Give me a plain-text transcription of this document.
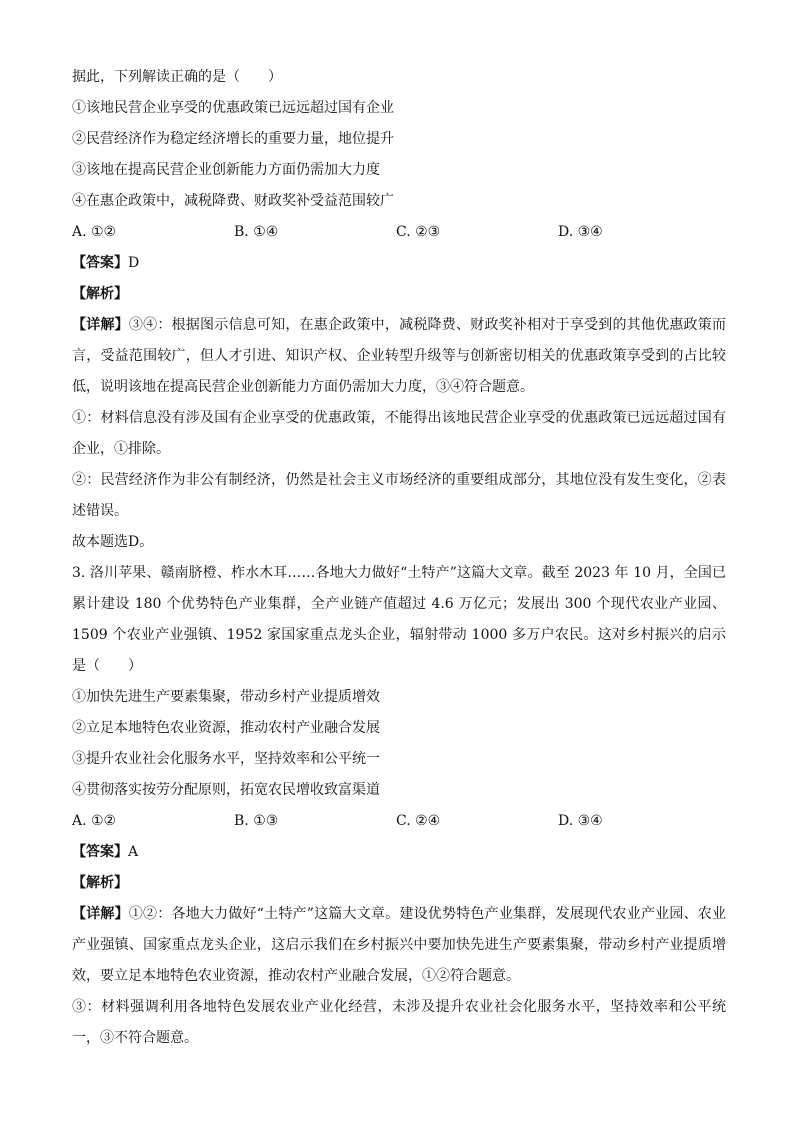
据此，下列解读正确的是（　　）

①该地民营企业享受的优惠政策已远远超过国有企业

②民营经济作为稳定经济增长的重要力量，地位提升

③该地在提高民营企业创新能力方面仍需加大力度

④在惠企政策中，减税降费、财政奖补受益范围较广

A. ①②	B. ①④	C. ②③	D. ③④

【答案】D

【解析】

【详解】③④：根据图示信息可知，在惠企政策中，减税降费、财政奖补相对于享受到的其他优惠政策而言，受益范围较广，但人才引进、知识产权、企业转型升级等与创新密切相关的优惠政策享受到的占比较低，说明该地在提高民营企业创新能力方面仍需加大力度，③④符合题意。

①：材料信息没有涉及国有企业享受的优惠政策，不能得出该地民营企业享受的优惠政策已远远超过国有企业，①排除。

②：民营经济作为非公有制经济，仍然是社会主义市场经济的重要组成部分，其地位没有发生变化，②表述错误。

故本题选D。

3. 洛川苹果、赣南脐橙、柞水木耳……各地大力做好“土特产”这篇大文章。截至 2023 年 10 月，全国已累计建设 180 个优势特色产业集群，全产业链产值超过 4.6 万亿元；发展出 300 个现代农业产业园、1509 个农业产业强镇、1952 家国家重点龙头企业，辐射带动 1000 多万户农民。这对乡村振兴的启示是（　　）

①加快先进生产要素集聚，带动乡村产业提质增效

②立足本地特色农业资源，推动农村产业融合发展

③提升农业社会化服务水平，坚持效率和公平统一

④贯彻落实按劳分配原则，拓宽农民增收致富渠道

A. ①②	B. ①③	C. ②④	D. ③④

【答案】A

【解析】

【详解】①②：各地大力做好“土特产”这篇大文章。建设优势特色产业集群，发展现代农业产业园、农业产业强镇、国家重点龙头企业，这启示我们在乡村振兴中要加快先进生产要素集聚，带动乡村产业提质增效，要立足本地特色农业资源，推动农村产业融合发展，①②符合题意。

③：材料强调利用各地特色发展农业产业化经营，未涉及提升农业社会化服务水平，坚持效率和公平统一，③不符合题意。
